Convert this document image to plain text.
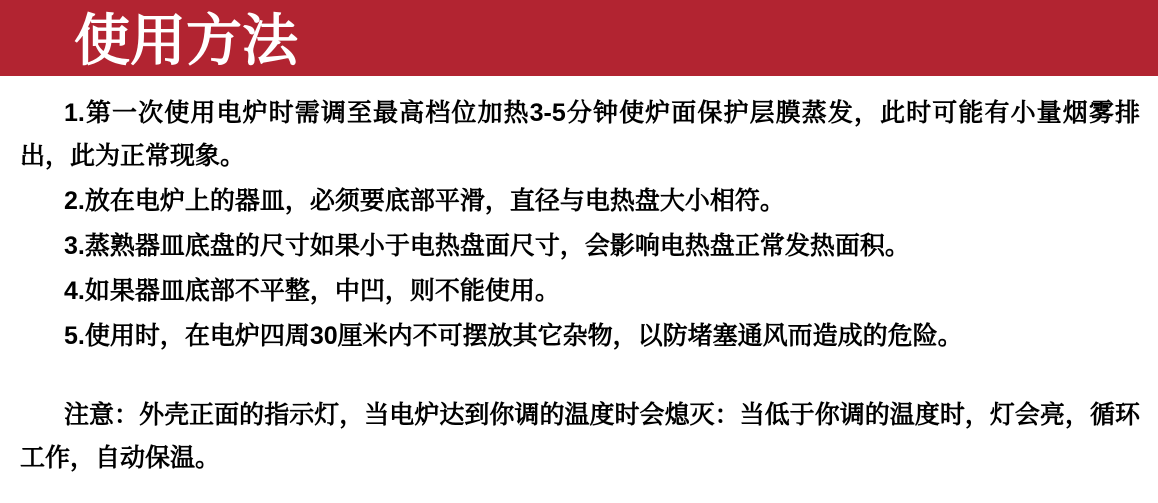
使用方法

1.第一次使用电炉时需调至最高档位加热3-5分钟使炉面保护层膜蒸发，此时可能有小量烟雾排出，此为正常现象。

2.放在电炉上的器皿，必须要底部平滑，直径与电热盘大小相符。

3.蒸熟器皿底盘的尺寸如果小于电热盘面尺寸，会影响电热盘正常发热面积。

4.如果器皿底部不平整，中凹，则不能使用。

5.使用时，在电炉四周30厘米内不可摆放其它杂物，以防堵塞通风而造成的危险。

注意：外壳正面的指示灯，当电炉达到你调的温度时会熄灭：当低于你调的温度时，灯会亮，循环工作，自动保温。
